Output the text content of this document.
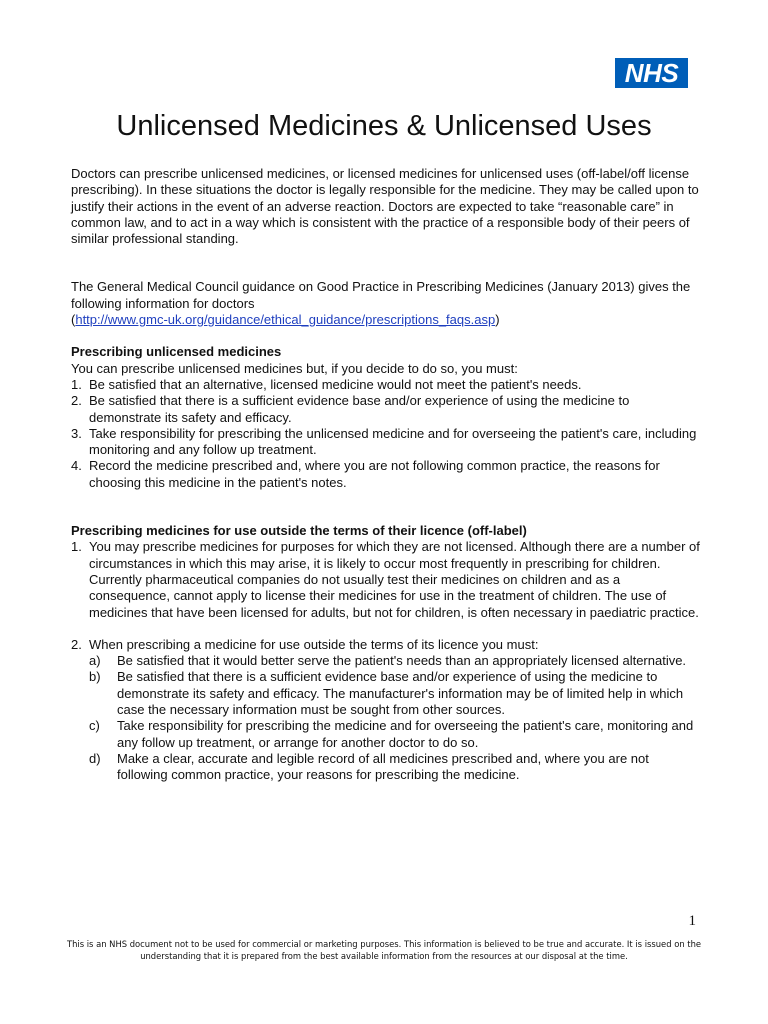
NHS
Unlicensed Medicines & Unlicensed Uses

Doctors can prescribe unlicensed medicines, or licensed medicines for unlicensed uses (off-label/off license prescribing). In these situations the doctor is legally responsible for the medicine. They may be called upon to justify their actions in the event of an adverse reaction. Doctors are expected to take “reasonable care” in common law, and to act in a way which is consistent with the practice of a responsible body of their peers of similar professional standing.

The General Medical Council guidance on Good Practice in Prescribing Medicines (January 2013) gives the following information for doctors
(http://www.gmc-uk.org/guidance/ethical_guidance/prescriptions_faqs.asp)

Prescribing unlicensed medicines

You can prescribe unlicensed medicines but, if you decide to do so, you must:

1. Be satisfied that an alternative, licensed medicine would not meet the patient's needs.
2. Be satisfied that there is a sufficient evidence base and/or experience of using the medicine to demonstrate its safety and efficacy.
3. Take responsibility for prescribing the unlicensed medicine and for overseeing the patient's care, including monitoring and any follow up treatment.
4. Record the medicine prescribed and, where you are not following common practice, the reasons for choosing this medicine in the patient's notes.

Prescribing medicines for use outside the terms of their licence (off-label)

1. You may prescribe medicines for purposes for which they are not licensed. Although there are a number of circumstances in which this may arise, it is likely to occur most frequently in prescribing for children. Currently pharmaceutical companies do not usually test their medicines on children and as a consequence, cannot apply to license their medicines for use in the treatment of children. The use of medicines that have been licensed for adults, but not for children, is often necessary in paediatric practice.
2. When prescribing a medicine for use outside the terms of its licence you must:
a) Be satisfied that it would better serve the patient's needs than an appropriately licensed alternative.
b) Be satisfied that there is a sufficient evidence base and/or experience of using the medicine to demonstrate its safety and efficacy. The manufacturer's information may be of limited help in which case the necessary information must be sought from other sources.
c) Take responsibility for prescribing the medicine and for overseeing the patient's care, monitoring and any follow up treatment, or arrange for another doctor to do so.
d) Make a clear, accurate and legible record of all medicines prescribed and, where you are not following common practice, your reasons for prescribing the medicine.
1
This is an NHS document not to be used for commercial or marketing purposes. This information is believed to be true and accurate. It is issued on the understanding that it is prepared from the best available information from the resources at our disposal at the time.
